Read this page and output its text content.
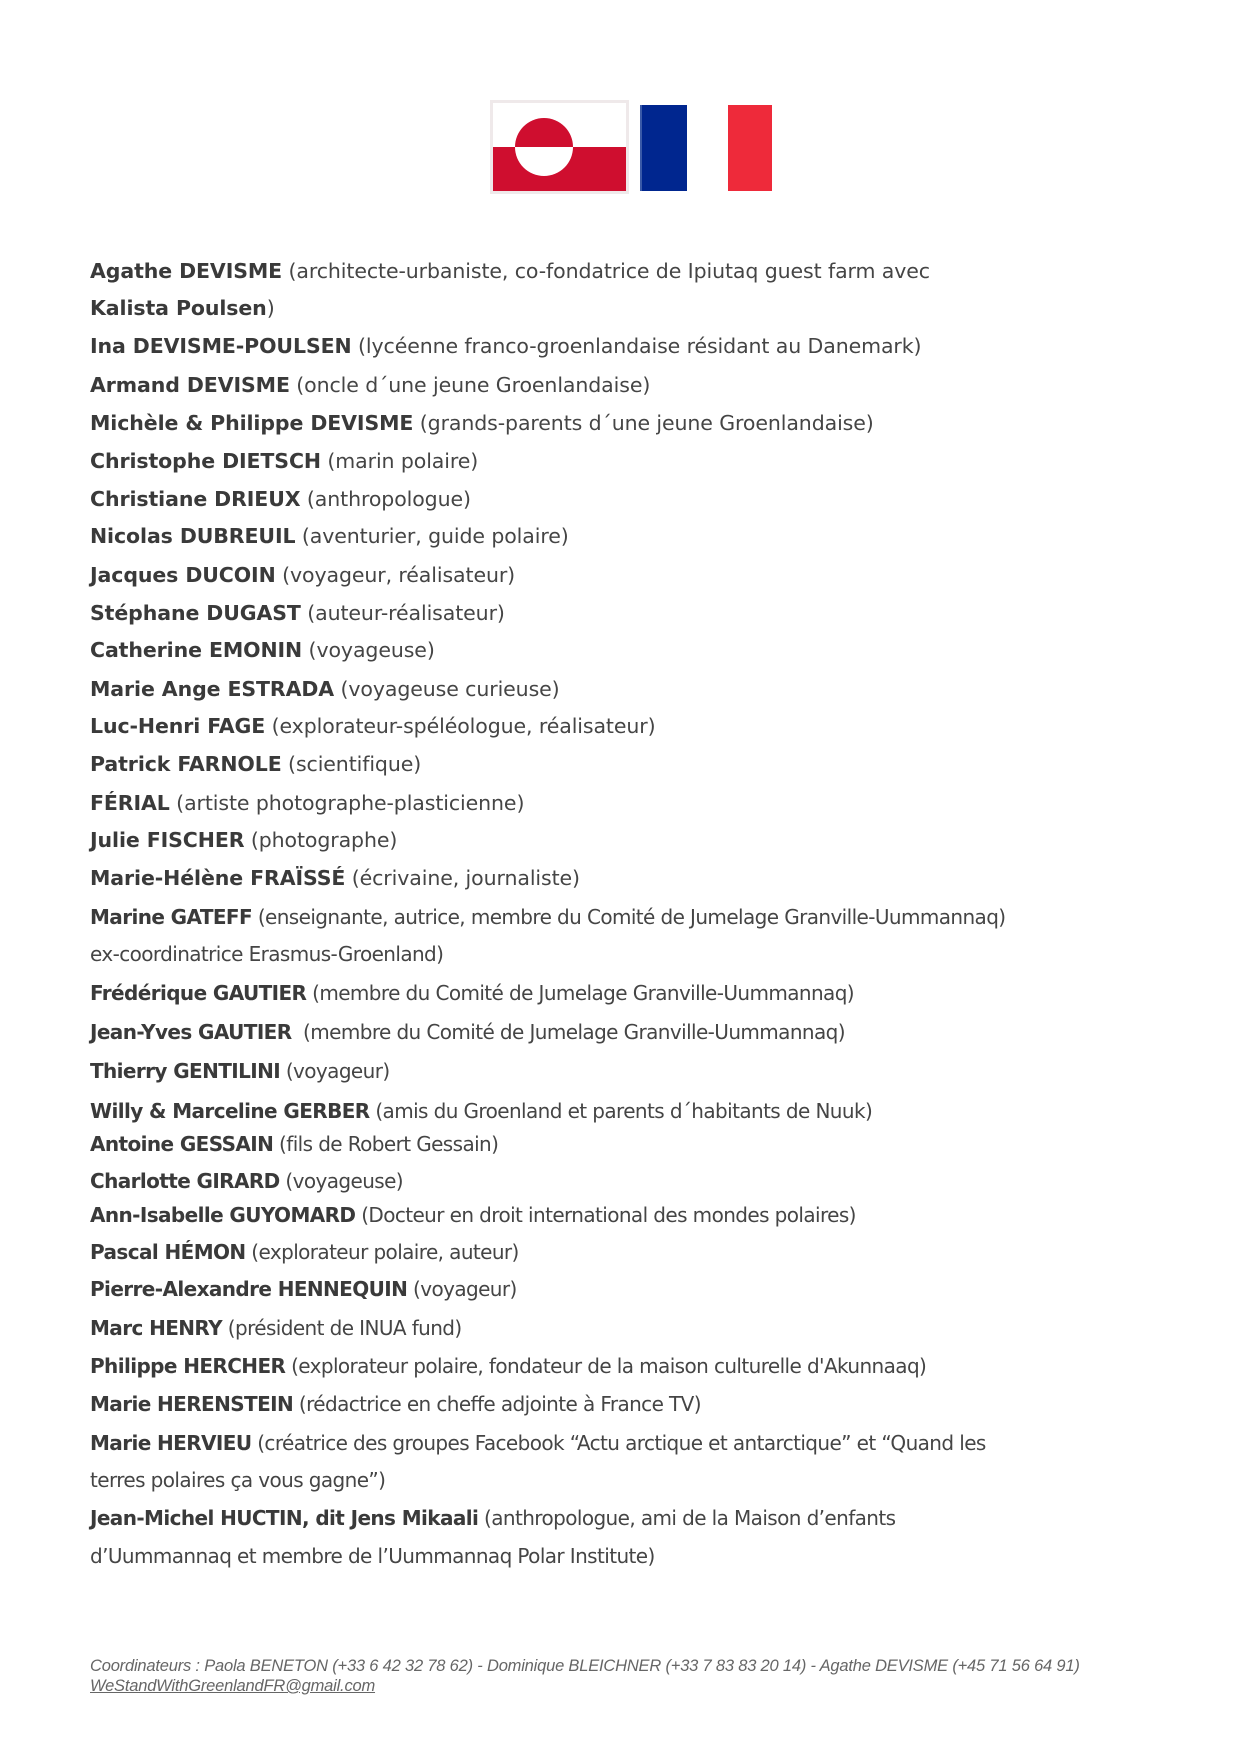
Agathe DEVISME (architecte-urbaniste, co-fondatrice de Ipiutaq guest farm avec
Kalista Poulsen)
Ina DEVISME-POULSEN (lycéenne franco-groenlandaise résidant au Danemark)
Armand DEVISME (oncle d´une jeune Groenlandaise)
Michèle & Philippe DEVISME (grands-parents d´une jeune Groenlandaise)
Christophe DIETSCH (marin polaire)
Christiane DRIEUX (anthropologue)
Nicolas DUBREUIL (aventurier, guide polaire)
Jacques DUCOIN (voyageur, réalisateur)
Stéphane DUGAST (auteur-réalisateur)
Catherine EMONIN (voyageuse)
Marie Ange ESTRADA (voyageuse curieuse)
Luc-Henri FAGE (explorateur-spéléologue, réalisateur)
Patrick FARNOLE (scientifique)
FÉRIAL (artiste photographe-plasticienne)
Julie FISCHER (photographe)
Marie-Hélène FRAÏSSÉ (écrivaine, journaliste)
Marine GATEFF (enseignante, autrice, membre du Comité de Jumelage Granville-Uummannaq)
ex-coordinatrice Erasmus-Groenland)
Frédérique GAUTIER (membre du Comité de Jumelage Granville-Uummannaq)
Jean-Yves GAUTIER  (membre du Comité de Jumelage Granville-Uummannaq)
Thierry GENTILINI (voyageur)
Willy & Marceline GERBER (amis du Groenland et parents d´habitants de Nuuk)
Antoine GESSAIN (fils de Robert Gessain)
Charlotte GIRARD (voyageuse)
Ann-Isabelle GUYOMARD (Docteur en droit international des mondes polaires)
Pascal HÉMON (explorateur polaire, auteur)
Pierre-Alexandre HENNEQUIN (voyageur)
Marc HENRY (président de INUA fund)
Philippe HERCHER (explorateur polaire, fondateur de la maison culturelle d'Akunnaaq)
Marie HERENSTEIN (rédactrice en cheffe adjointe à France TV)
Marie HERVIEU (créatrice des groupes Facebook “Actu arctique et antarctique” et “Quand les
terres polaires ça vous gagne”)
Jean-Michel HUCTIN, dit Jens Mikaali (anthropologue, ami de la Maison d’enfants
d’Uummannaq et membre de l’Uummannaq Polar Institute)
Coordinateurs : Paola BENETON (+33 6 42 32 78 62) - Dominique BLEICHNER (+33 7 83 83 20 14) - Agathe DEVISME (+45 71 56 64 91)
WeStandWithGreenlandFR@gmail.com
